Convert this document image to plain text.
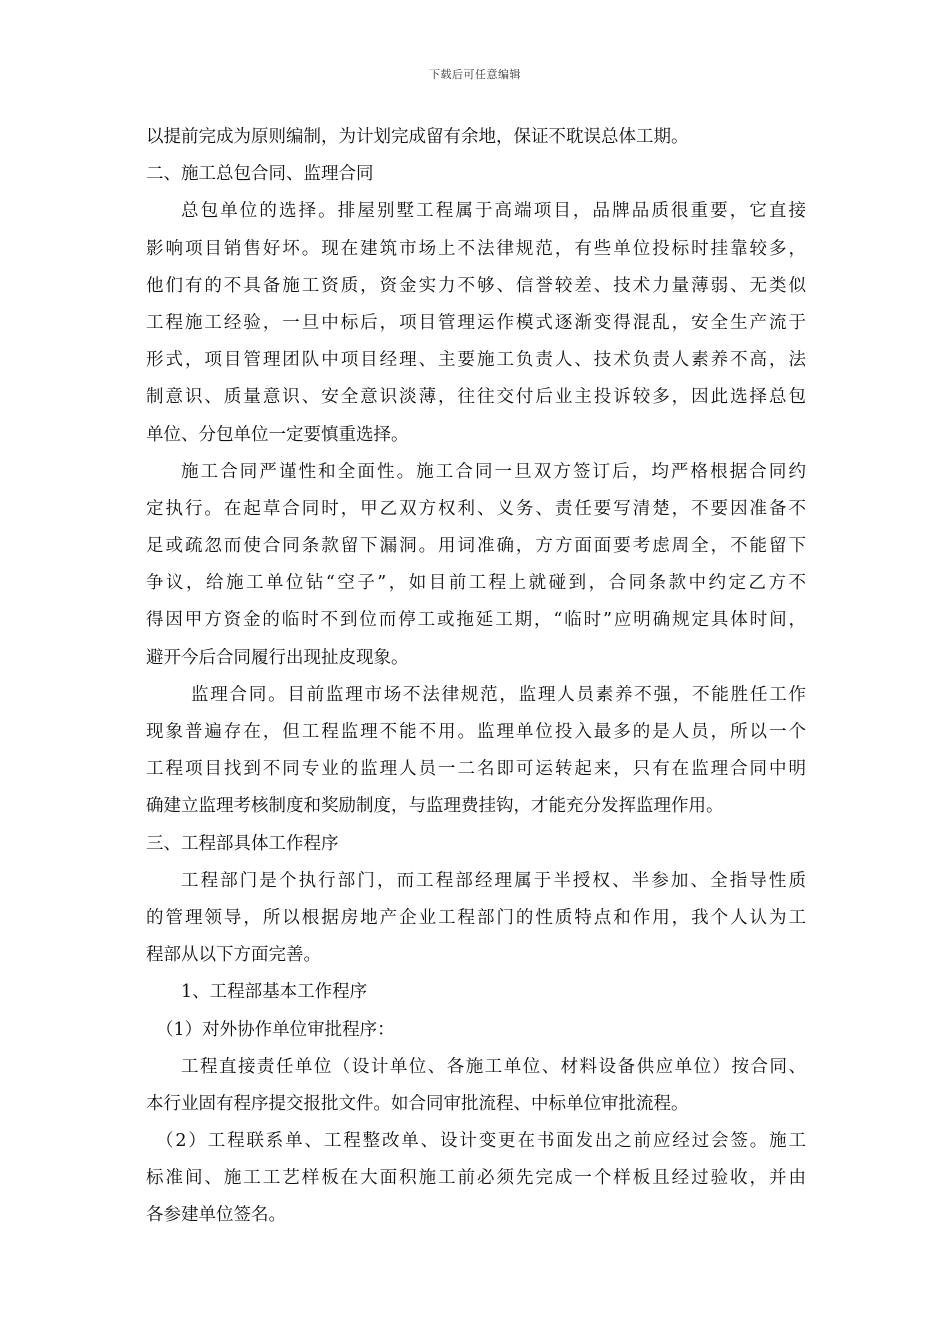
下载后可任意编辑
以提前完成为原则编制，为计划完成留有余地，保证不耽误总体工期。
二、施工总包合同、监理合同
总包单位的选择。排屋别墅工程属于高端项目，品牌品质很重要，它直接
影响项目销售好坏。现在建筑市场上不法律规范，有些单位投标时挂靠较多，
他们有的不具备施工资质，资金实力不够、信誉较差、技术力量薄弱、无类似
工程施工经验，一旦中标后，项目管理运作模式逐渐变得混乱，安全生产流于
形式，项目管理团队中项目经理、主要施工负责人、技术负责人素养不高，法
制意识、质量意识、安全意识淡薄，往往交付后业主投诉较多，因此选择总包
单位、分包单位一定要慎重选择。
施工合同严谨性和全面性。施工合同一旦双方签订后，均严格根据合同约
定执行。在起草合同时，甲乙双方权利、义务、责任要写清楚，不要因准备不
足或疏忽而使合同条款留下漏洞。用词准确，方方面面要考虑周全，不能留下
争议，给施工单位钻“空子”，如目前工程上就碰到，合同条款中约定乙方不
得因甲方资金的临时不到位而停工或拖延工期，“临时”应明确规定具体时间，
避开今后合同履行出现扯皮现象。
监理合同。目前监理市场不法律规范，监理人员素养不强，不能胜任工作
现象普遍存在，但工程监理不能不用。监理单位投入最多的是人员，所以一个
工程项目找到不同专业的监理人员一二名即可运转起来，只有在监理合同中明
确建立监理考核制度和奖励制度，与监理费挂钩，才能充分发挥监理作用。
三、工程部具体工作程序
工程部门是个执行部门，而工程部经理属于半授权、半参加、全指导性质
的管理领导，所以根据房地产企业工程部门的性质特点和作用，我个人认为工
程部从以下方面完善。
1、工程部基本工作程序
（1）对外协作单位审批程序：
工程直接责任单位（设计单位、各施工单位、材料设备供应单位）按合同、
本行业固有程序提交报批文件。如合同审批流程、中标单位审批流程。
（2）工程联系单、工程整改单、设计变更在书面发出之前应经过会签。施工
标准间、施工工艺样板在大面积施工前必须先完成一个样板且经过验收，并由
各参建单位签名。
